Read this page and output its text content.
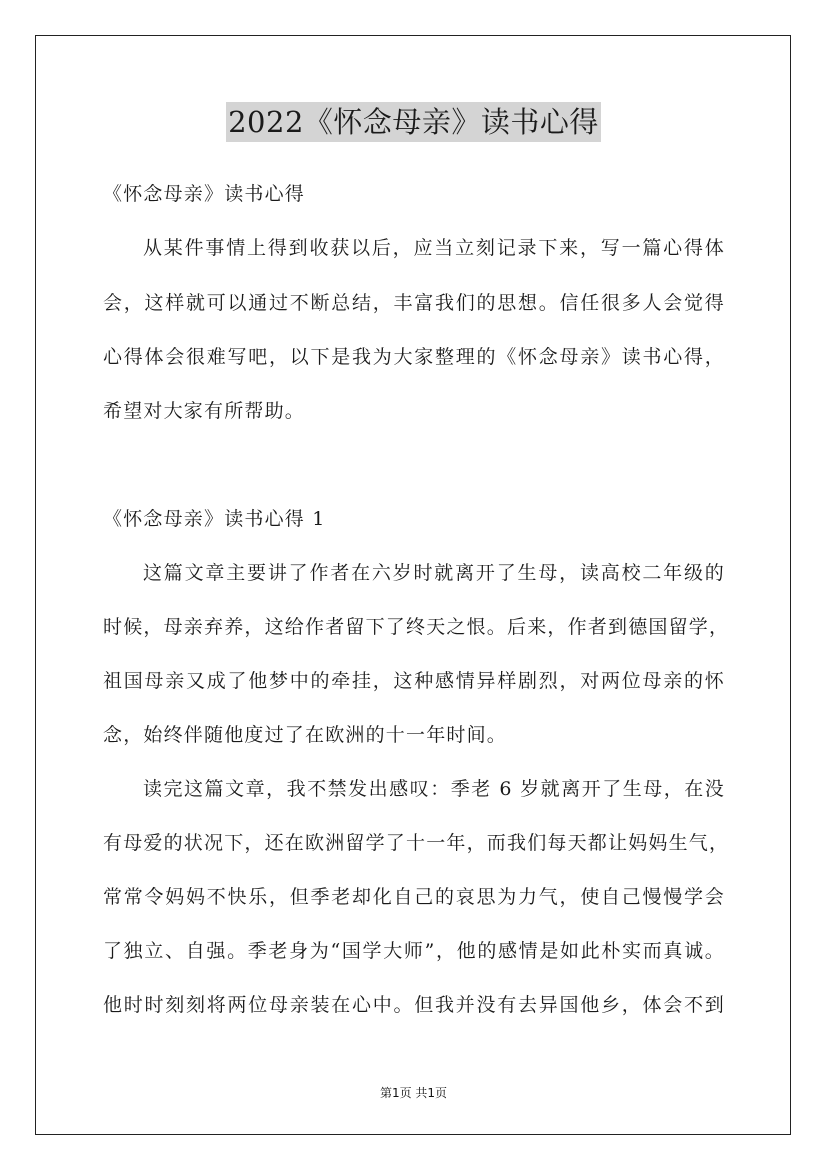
2022《怀念母亲》读书心得
《怀念母亲》读书心得
从某件事情上得到收获以后，应当立刻记录下来，写一篇心得体
会，这样就可以通过不断总结，丰富我们的思想。信任很多人会觉得
心得体会很难写吧，以下是我为大家整理的《怀念母亲》读书心得，
希望对大家有所帮助。
《怀念母亲》读书心得 1
这篇文章主要讲了作者在六岁时就离开了生母，读高校二年级的
时候，母亲弃养，这给作者留下了终天之恨。后来，作者到德国留学，
祖国母亲又成了他梦中的牵挂，这种感情异样剧烈，对两位母亲的怀
念，始终伴随他度过了在欧洲的十一年时间。
读完这篇文章，我不禁发出感叹：季老 6 岁就离开了生母，在没
有母爱的状况下，还在欧洲留学了十一年，而我们每天都让妈妈生气，
常常令妈妈不快乐，但季老却化自己的哀思为力气，使自己慢慢学会
了独立、自强。季老身为“国学大师”，他的感情是如此朴实而真诚。
他时时刻刻将两位母亲装在心中。但我并没有去异国他乡，体会不到
第1页 共1页
